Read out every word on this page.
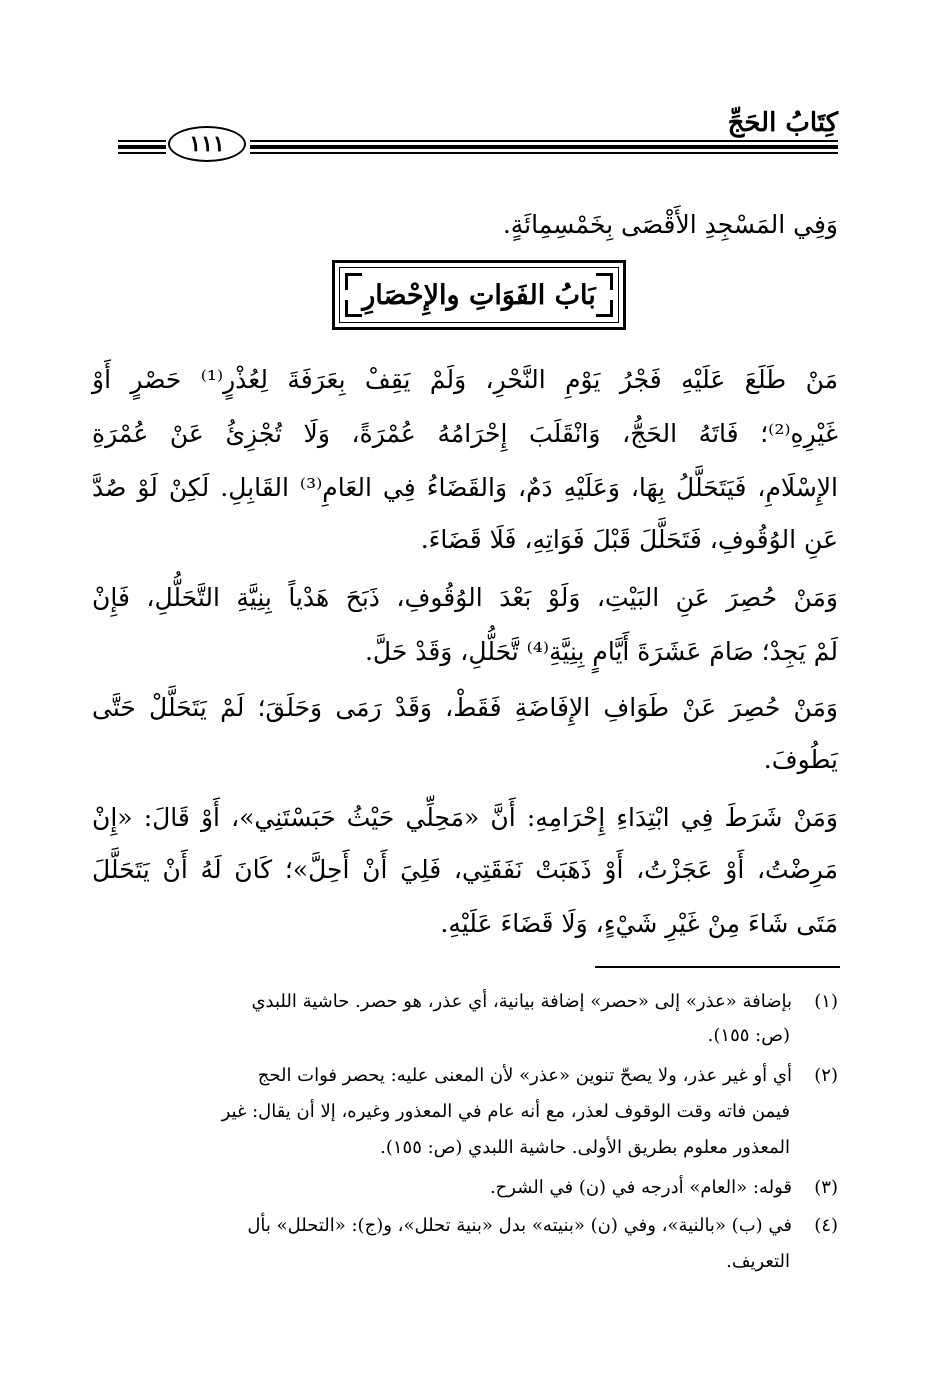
كِتَابُ الحَجِّ
١١١
وَفِي المَسْجِدِ الأَقْصَى بِخَمْسِمِائَةٍ.
بَابُ الفَوَاتِ والإِحْصَارِ
مَنْ طَلَعَ عَلَيْهِ فَجْرُ يَوْمِ النَّحْرِ، وَلَمْ يَقِفْ بِعَرَفَةَ لِعُذْرٍ⁽¹⁾ حَصْرٍ أَوْ
غَيْرِهِ⁽²⁾؛ فَاتَهُ الحَجُّ، وَانْقَلَبَ إِحْرَامُهُ عُمْرَةً، وَلَا تُجْزِئُ عَنْ عُمْرَةِ
الإِسْلَامِ، فَيَتَحَلَّلُ بِهَا، وَعَلَيْهِ دَمٌ، وَالقَضَاءُ فِي العَامِ⁽³⁾ القَابِلِ. لَكِنْ لَوْ صُدَّ
عَنِ الوُقُوفِ، فَتَحَلَّلَ قَبْلَ فَوَاتِهِ، فَلَا قَضَاءَ.
وَمَنْ حُصِرَ عَنِ البَيْتِ، وَلَوْ بَعْدَ الوُقُوفِ، ذَبَحَ هَدْياً بِنِيَّةِ التَّحَلُّلِ، فَإِنْ
لَمْ يَجِدْ؛ صَامَ عَشَرَةَ أَيَّامٍ بِنِيَّةِ⁽⁴⁾ تَّحَلُّلِ، وَقَدْ حَلَّ.
وَمَنْ حُصِرَ عَنْ طَوَافِ الإِفَاضَةِ فَقَطْ، وَقَدْ رَمَى وَحَلَقَ؛ لَمْ يَتَحَلَّلْ حَتَّى
يَطُوفَ.
وَمَنْ شَرَطَ فِي ابْتِدَاءِ إِحْرَامِهِ: أَنَّ «مَحِلِّي حَيْثُ حَبَسْتَنِي»، أَوْ قَالَ: «إِنْ
مَرِضْتُ، أَوْ عَجَزْتُ، أَوْ ذَهَبَتْ نَفَقَتِي، فَلِيَ أَنْ أَحِلَّ»؛ كَانَ لَهُ أَنْ يَتَحَلَّلَ
مَتَى شَاءَ مِنْ غَيْرِ شَيْءٍ، وَلَا قَضَاءَ عَلَيْهِ.
(١)بإضافة «عذر» إلى «حصر» إضافة بيانية، أي عذر، هو حصر. حاشية اللبدي
(ص: ١٥٥).
(٢)أي أو غير عذر، ولا يصحّ تنوين «عذر» لأن المعنى عليه: يحصر فوات الحج
فيمن فاته وقت الوقوف لعذر، مع أنه عام في المعذور وغيره، إلا أن يقال: غير
المعذور معلوم بطريق الأولى. حاشية اللبدي (ص: ١٥٥).
(٣)قوله: «العام» أدرجه في (ن) في الشرح.
(٤)في (ب) «بالنية»، وفي (ن) «بنيته» بدل «بنية تحلل»، و(ج): «التحلل» بأل
التعريف.
